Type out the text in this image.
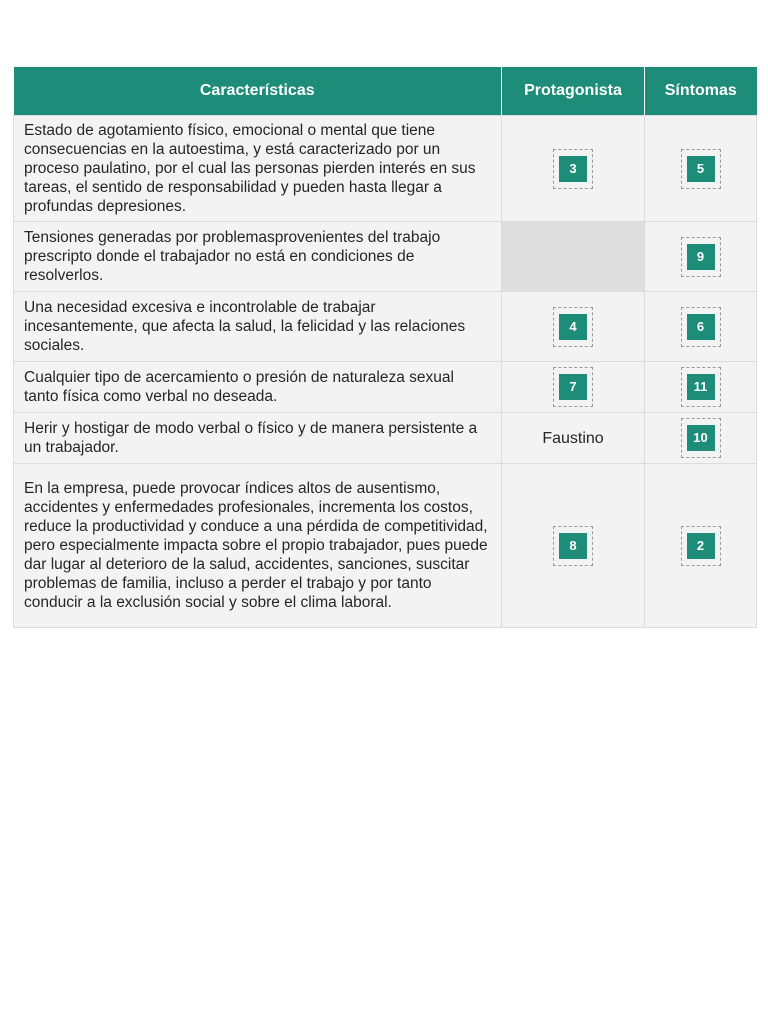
Características	Protagonista	Síntomas
Estado de agotamiento físico, emocional o mental que tiene consecuencias en la autoestima, y está caracterizado por un proceso paulatino, por el cual las personas pierden interés en sus tareas, el sentido de responsabilidad y pueden hasta llegar a profundas depresiones.	3	5

Tensiones generadas por problemasprovenientes del trabajo prescripto donde el trabajador no está en condiciones de resolverlos.		9

Una necesidad excesiva e incontrolable de trabajar incesantemente, que afecta la salud, la felicidad y las relaciones sociales.	4	6

Cualquier tipo de acercamiento o presión de naturaleza sexual tanto física como verbal no deseada.	7	11

Herir y hostigar de modo verbal o físico y de manera persistente a un trabajador.	Faustino	10

En la empresa, puede provocar índices altos de ausentismo, accidentes y enfermedades profesionales, incrementa los costos, reduce la productividad y conduce a una pérdida de competitividad, pero especialmente impacta sobre el propio trabajador, pues puede dar lugar al deterioro de la salud, accidentes, sanciones, suscitar problemas de familia, incluso a perder el trabajo y por tanto conducir a la exclusión social y sobre el clima laboral.	8	2
